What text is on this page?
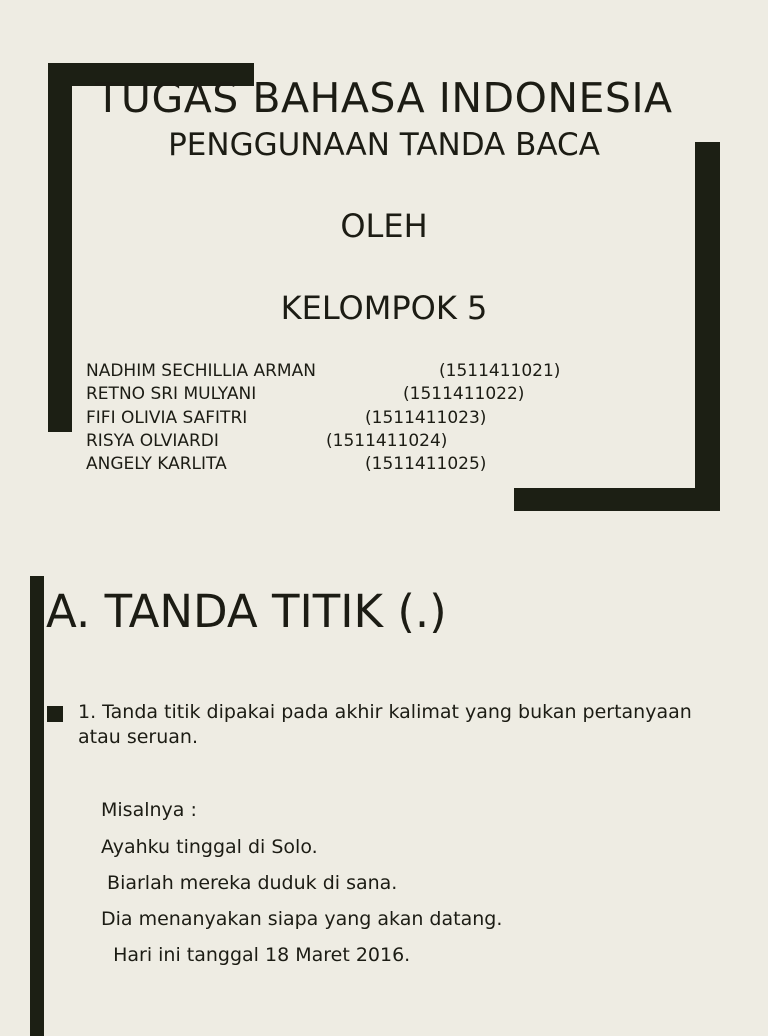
TUGAS BAHASA INDONESIA
PENGGUNAAN TANDA BACA
OLEH
KELOMPOK 5
NADHIM SECHILLIA ARMAN	(1511411021)
RETNO SRI MULYANI	(1511411022)
FIFI OLIVIA SAFITRI	(1511411023)
RISYA OLVIARDI	(1511411024)
ANGELY KARLITA	(1511411025)
A. TANDA TITIK (.)
1. Tanda titik dipakai pada akhir kalimat yang bukan pertanyaan atau seruan.
Misalnya :
Ayahku tinggal di Solo.
Biarlah mereka duduk di sana.
Dia menanyakan siapa yang akan datang.
Hari ini tanggal 18 Maret 2016.
